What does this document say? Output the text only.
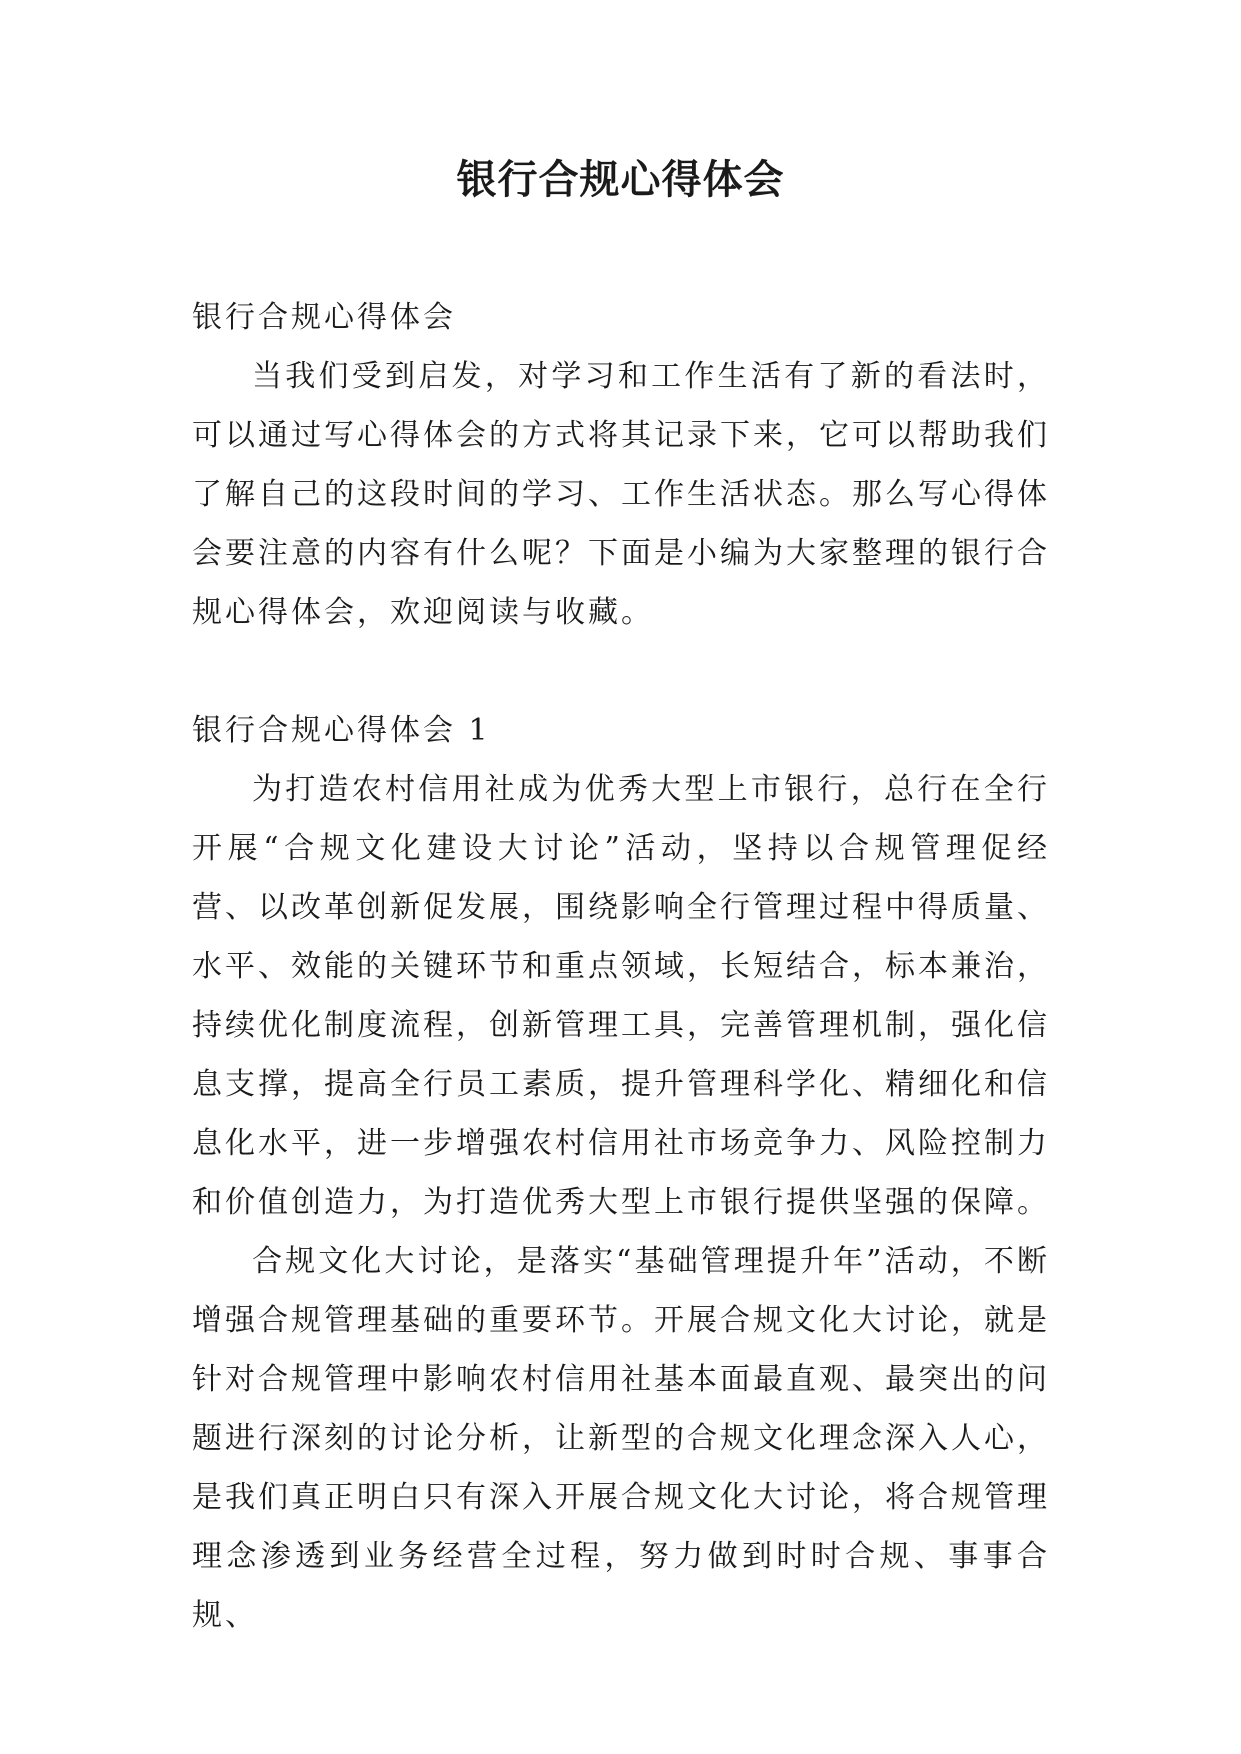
银行合规心得体会

银行合规心得体会

当我们受到启发，对学习和工作生活有了新的看法时，可以通过写心得体会的方式将其记录下来，它可以帮助我们了解自己的这段时间的学习、工作生活状态。那么写心得体会要注意的内容有什么呢？下面是小编为大家整理的银行合规心得体会，欢迎阅读与收藏。

银行合规心得体会 1

为打造农村信用社成为优秀大型上市银行，总行在全行开展“合规文化建设大讨论”活动，坚持以合规管理促经营、以改革创新促发展，围绕影响全行管理过程中得质量、水平、效能的关键环节和重点领域，长短结合，标本兼治，持续优化制度流程，创新管理工具，完善管理机制，强化信息支撑，提高全行员工素质，提升管理科学化、精细化和信息化水平，进一步增强农村信用社市场竞争力、风险控制力和价值创造力，为打造优秀大型上市银行提供坚强的保障。

合规文化大讨论，是落实“基础管理提升年”活动，不断增强合规管理基础的重要环节。开展合规文化大讨论，就是针对合规管理中影响农村信用社基本面最直观、最突出的问题进行深刻的讨论分析，让新型的合规文化理念深入人心，是我们真正明白只有深入开展合规文化大讨论，将合规管理理念渗透到业务经营全过程，努力做到时时合规、事事合规、
